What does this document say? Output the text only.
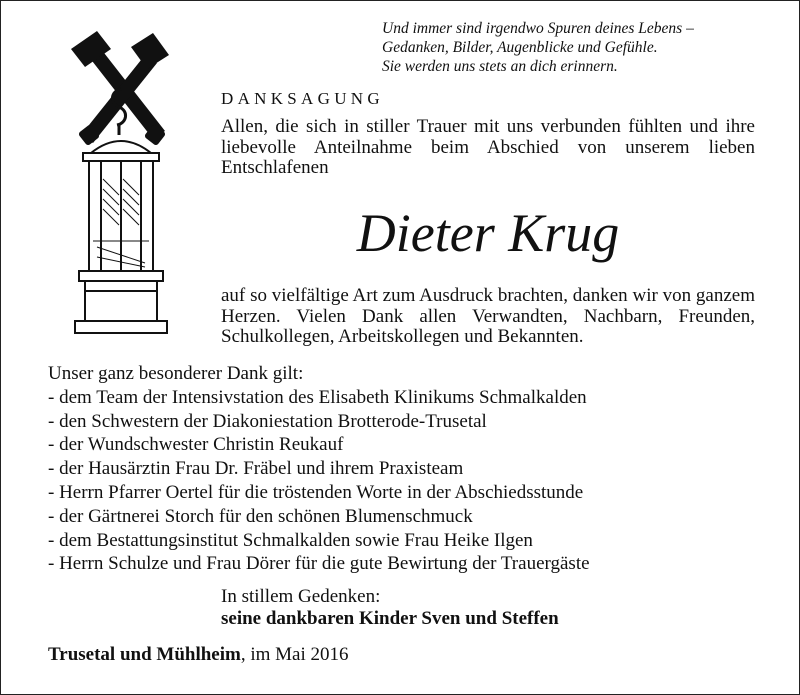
Und immer sind irgendwo Spuren deines Lebens –
Gedanken, Bilder, Augenblicke und Gefühle.
Sie werden uns stets an dich erinnern.
DANKSAGUNG
Allen, die sich in stiller Trauer mit uns verbunden fühlten und ihre liebevolle Anteilnahme beim Abschied von unserem lieben Entschlafenen
Dieter Krug
auf so vielfältige Art zum Ausdruck brachten, danken wir von ganzem Herzen. Vielen Dank allen Verwandten, Nachbarn, Freunden, Schulkollegen, Arbeitskollegen und Bekannten.
Unser ganz besonderer Dank gilt:
- dem Team der Intensivstation des Elisabeth Klinikums Schmalkalden
- den Schwestern der Diakoniestation Brotterode-Trusetal
- der Wundschwester Christin Reukauf
- der Hausärztin Frau Dr. Fräbel und ihrem Praxisteam
- Herrn Pfarrer Oertel für die tröstenden Worte in der Abschiedsstunde
- der Gärtnerei Storch für den schönen Blumenschmuck
- dem Bestattungsinstitut Schmalkalden sowie Frau Heike Ilgen
- Herrn Schulze und Frau Dörer für die gute Bewirtung der Trauergäste
In stillem Gedenken:
seine dankbaren Kinder Sven und Steffen
Trusetal und Mühlheim, im Mai 2016
